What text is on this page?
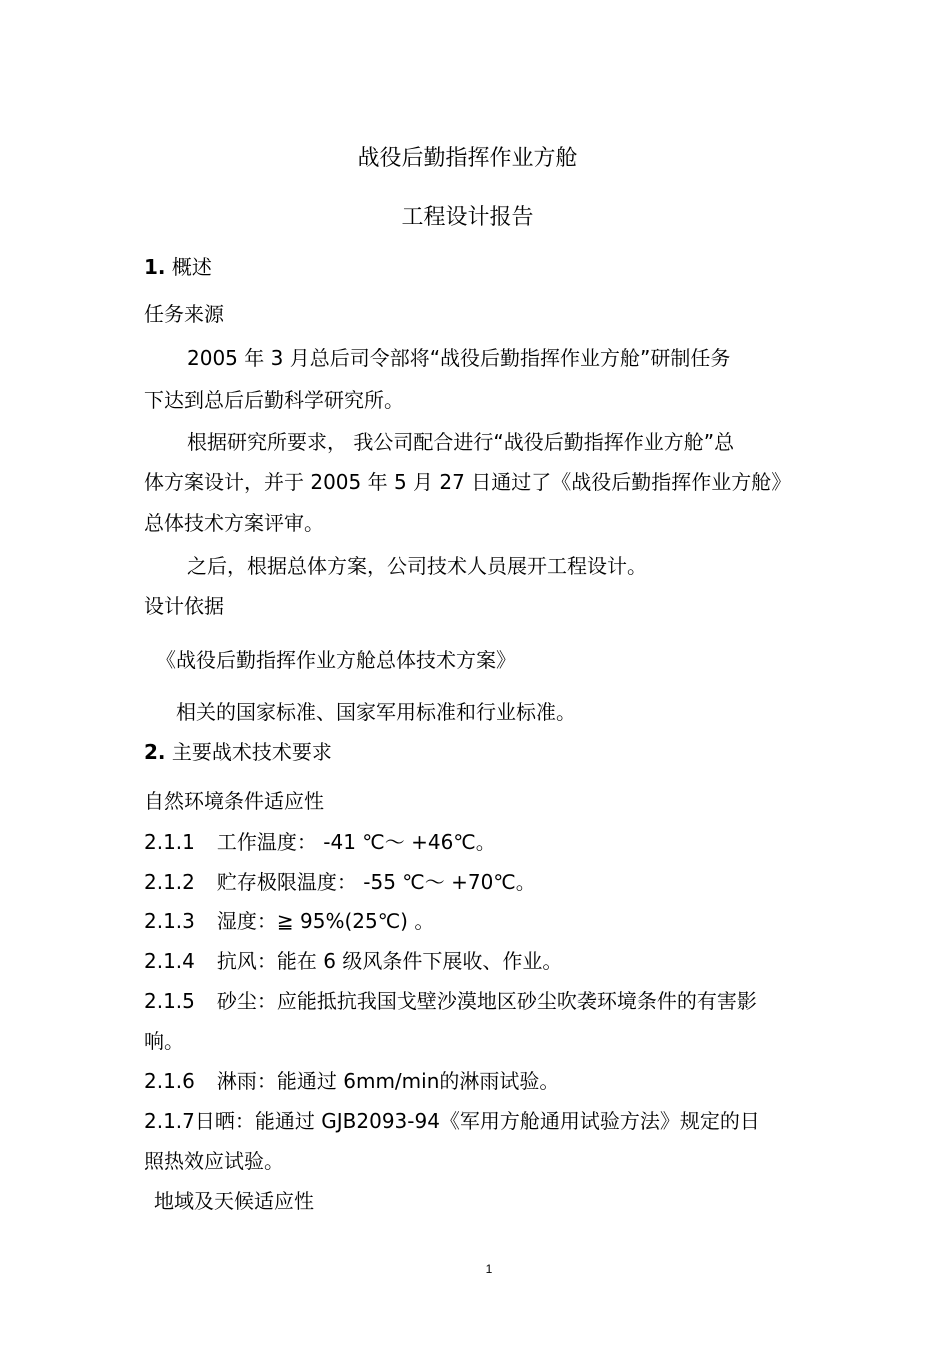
战役后勤指挥作业方舱
工程设计报告
1. 概述
任务来源
2005 年 3 月总后司令部将“战役后勤指挥作业方舱”研制任务
下达到总后后勤科学研究所。
根据研究所要求， 我公司配合进行“战役后勤指挥作业方舱”总
体方案设计，并于 2005 年 5 月 27 日通过了《战役后勤指挥作业方舱》
总体技术方案评审。
之后，根据总体方案，公司技术人员展开工程设计。
设计依据
《战役后勤指挥作业方舱总体技术方案》
相关的国家标准、国家军用标准和行业标准。
2. 主要战术技术要求
自然环境条件适应性
2.1.1 工作温度： -41 ℃～ +46℃。
2.1.2 贮存极限温度： -55 ℃～ +70℃。
2.1.3 湿度：≧ 95%(25℃) 。
2.1.4 抗风：能在 6 级风条件下展收、作业。
2.1.5 砂尘：应能抵抗我国戈壁沙漠地区砂尘吹袭环境条件的有害影
响。
2.1.6 淋雨：能通过 6mm/min的淋雨试验。
2.1.7日晒：能通过 GJB2093-94《军用方舱通用试验方法》规定的日
照热效应试验。
地域及天候适应性
1
